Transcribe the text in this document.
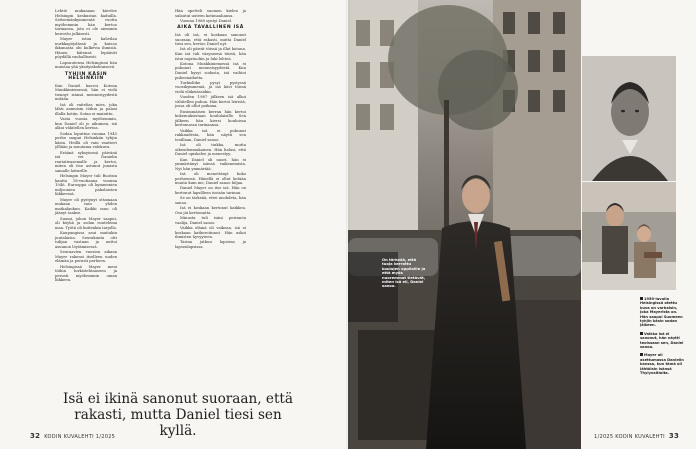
Lehtiö mukanaan kävelee Helsingin keskustan kaduilla. Seitsemänkymmentä vuotta myöhemmin hän kertoo tarinansa, jota ei ole aiemmin kerrottu julkisesti.

Mayer istuu kahvilan nurkkapöydässä ja katsoo ikkunasta ohi kulkevia ihmisiä. Hänen kätensä lepäävät pöydällä rauhallisesti.

Lapsuutensa Helsingissä hän muistaa yhä yksityiskohtaisesti.

TYHJIN KÄSIN HELSINKIIN

Kun Daniel kasvoi Kotona Munkkiniemessä, hän ei vielä tiennyt isänsä menneisyydestä mitään.

Isä oli vaitelias mies, joka lähti aamuisin töihin ja palasi illalla kotiin. Sotaa ei mainittu.

Vasta vuosia myöhemmin, kun Daniel oli jo aikuinen, isä alkoi vähitellen kertoa.

Sodan loputtua vuonna 1945 perhe saapui Helsinkiin tyhjin käsin. Heillä oli vain vaatteet ylllään ja muutama valokuva.

Eräänä syksyisenä päivänä isä vei Danielin rautatieasemalle ja kertoi, miten oli itse astunut junasta samalle laiturille.

Helsingin Mayer tuli Ruotsin kautta 18-vuotiaana vuonna 1946. Eurooppa oli kymmenien miljoonien pakolaisten liikkeessä.

Mayer oli pystynyt ottamaan mukaan vain yhden matkalaukun. Kaikki muu oli jäänyt taakse.

Suomi, johon Mayer saapui, oli köyhä ja sodan runtelema maa. Työtä oli kuitenkin tarjolla.

Kaupungissa asui muitakin juutalaisia. Seurakunta otti tulijan vastaan ja auttoi asunnon löytämisessä.

Seuraavien vuosien aikana Mayer rakensi itselleen uuden elämän ja perusti perheen.

Helsingissä Mayer meni töihin turkistehtaaseen ja perusti myöhemmin oman liikkeen.

Hän opetteli suomen kielen ja sulautui uuteen kotimaahansa.

Vuonna 1968 syntyi Daniel.

AIKA TAVALLINEN ISÄ

Isä oli isä, ei koskaan sanonut suoraan, että rakasti, mutta Daniel tiesi sen, kertoo Daniel nyt.

Isä oli päivät töissä ja illat kotona. Kun isä tuli väsyneenä töistä, hän istui nojatuoliin ja luki lehteä.

Kotona Munkkiniemessä isä ei puhunut menneisyydestä. Kun Daniel kysyi sodasta, isä vaihtoi puheenaihetta.

Turkisliike pysyi pystyssä vuosikymmeniä, ja isä kävi töissä vielä eläkeiässäkin.

Vuoden 1987 jälkeen isä alkoi vähitellen puhua. Hän kertoi leiristä, jossa oli ollut poikana.

Ensimmäisen kerran hän kertoi kokemuksistaan koululaisille. Sen jälkeen hän kiersi kouluissa kertomassa tarinaansa.

Vaikka isä ei puhunut rakkaudesta, hän näytti sen teoillaan, Daniel sanoo.

Isä oli tiukka, mutta oikeudenmukainen. Hän halusi, että Daniel opiskelee ja menestyy.

Kun Daniel oli nuori, hän ei ymmärtänyt isänsä vaikenemista. Nyt hän ymmärtää.

Isä oli menettänyt koko perheensä. Hänellä ei ollut ketään muuta kuin me, Daniel sanoo hiljaa.

Daniel Mayer on itse isä. Hän on kertonut lapsilleen isoisän tarinan.

Se on tärkeää, ettei unohdeta, hän sanoo.

Isä ei koskaan kertonut kaikkea. Osa jäi kertomatta.

Minusta tuli isäni perinnön vaalija, Daniel sanoo.

Vaikka elämä oli vaikeaa, isä ei koskaan katkeroitunut. Hän uskoi ihmisten hyvyyteen.

Tarina jatkuu lapsissa ja lapsenlapsissa.

Isä ei ikinä sanonut suoraan, että rakasti, mutta Daniel tiesi sen kyllä.
32 KODIN KUVALEHTI 1/2025
On tärkeää, että tuoja kerrottu koulujen oppilaille ja että myös nuoremmat tietävät, miten isä eli, Daniel sanoo.

1950-luvulla Helsingissä otettu kuva on varhaisin, joka Mayerista on. Hän saapui Suomeen tyhjin käsin sodan jälkeen.

Vaikka isä ei sanonut, hän näytti teoissaan sen, Daniel sanoo.

Mayer oli asettumassa Danielin kanssa, kun tämä oli lähtöisin isänsä Thylyvaltiolta.

1/2025 KODIN KUVALEHTI 33
